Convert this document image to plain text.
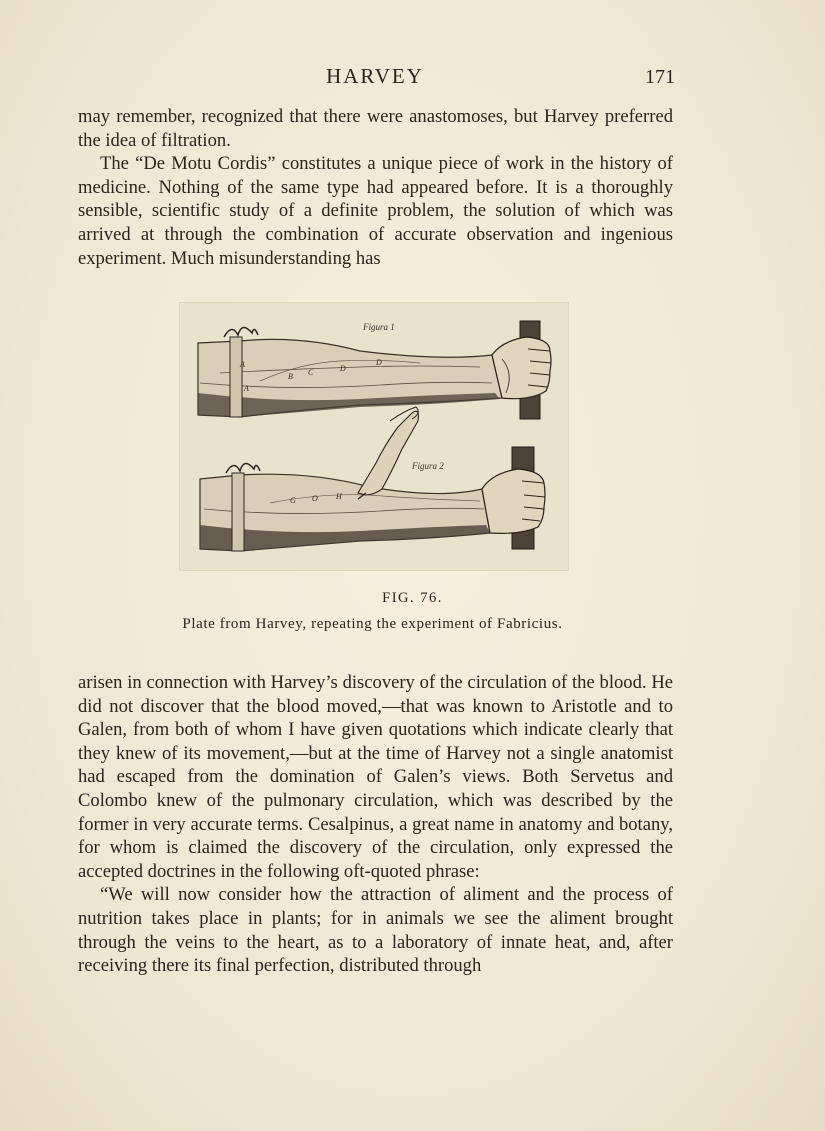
HARVEY	171

may remember, recognized that there were anastomoses, but Harvey preferred the idea of filtration.

The “De Motu Cordis” constitutes a unique piece of work in the history of medicine. Nothing of the same type had appeared before. It is a thoroughly sensible, scientific study of a definite problem, the solution of which was arrived at through the combination of accurate observation and ingenious experiment. Much misunderstanding has

Figura 1
A
B C	D
D
A
Figura 2
G O H
FIG. 76.
Plate from Harvey, repeating the experiment of Fabricius.

arisen in connection with Harvey’s discovery of the circulation of the blood. He did not discover that the blood moved,—that was known to Aristotle and to Galen, from both of whom I have given quotations which indicate clearly that they knew of its movement,—but at the time of Harvey not a single anatomist had escaped from the domination of Galen’s views. Both Servetus and Colombo knew of the pulmonary circulation, which was described by the former in very accurate terms. Cesalpinus, a great name in anatomy and botany, for whom is claimed the discovery of the circulation, only expressed the accepted doctrines in the following oft-quoted phrase:

“We will now consider how the attraction of aliment and the process of nutrition takes place in plants; for in animals we see the aliment brought through the veins to the heart, as to a laboratory of innate heat, and, after receiving there its final perfection, distributed through
